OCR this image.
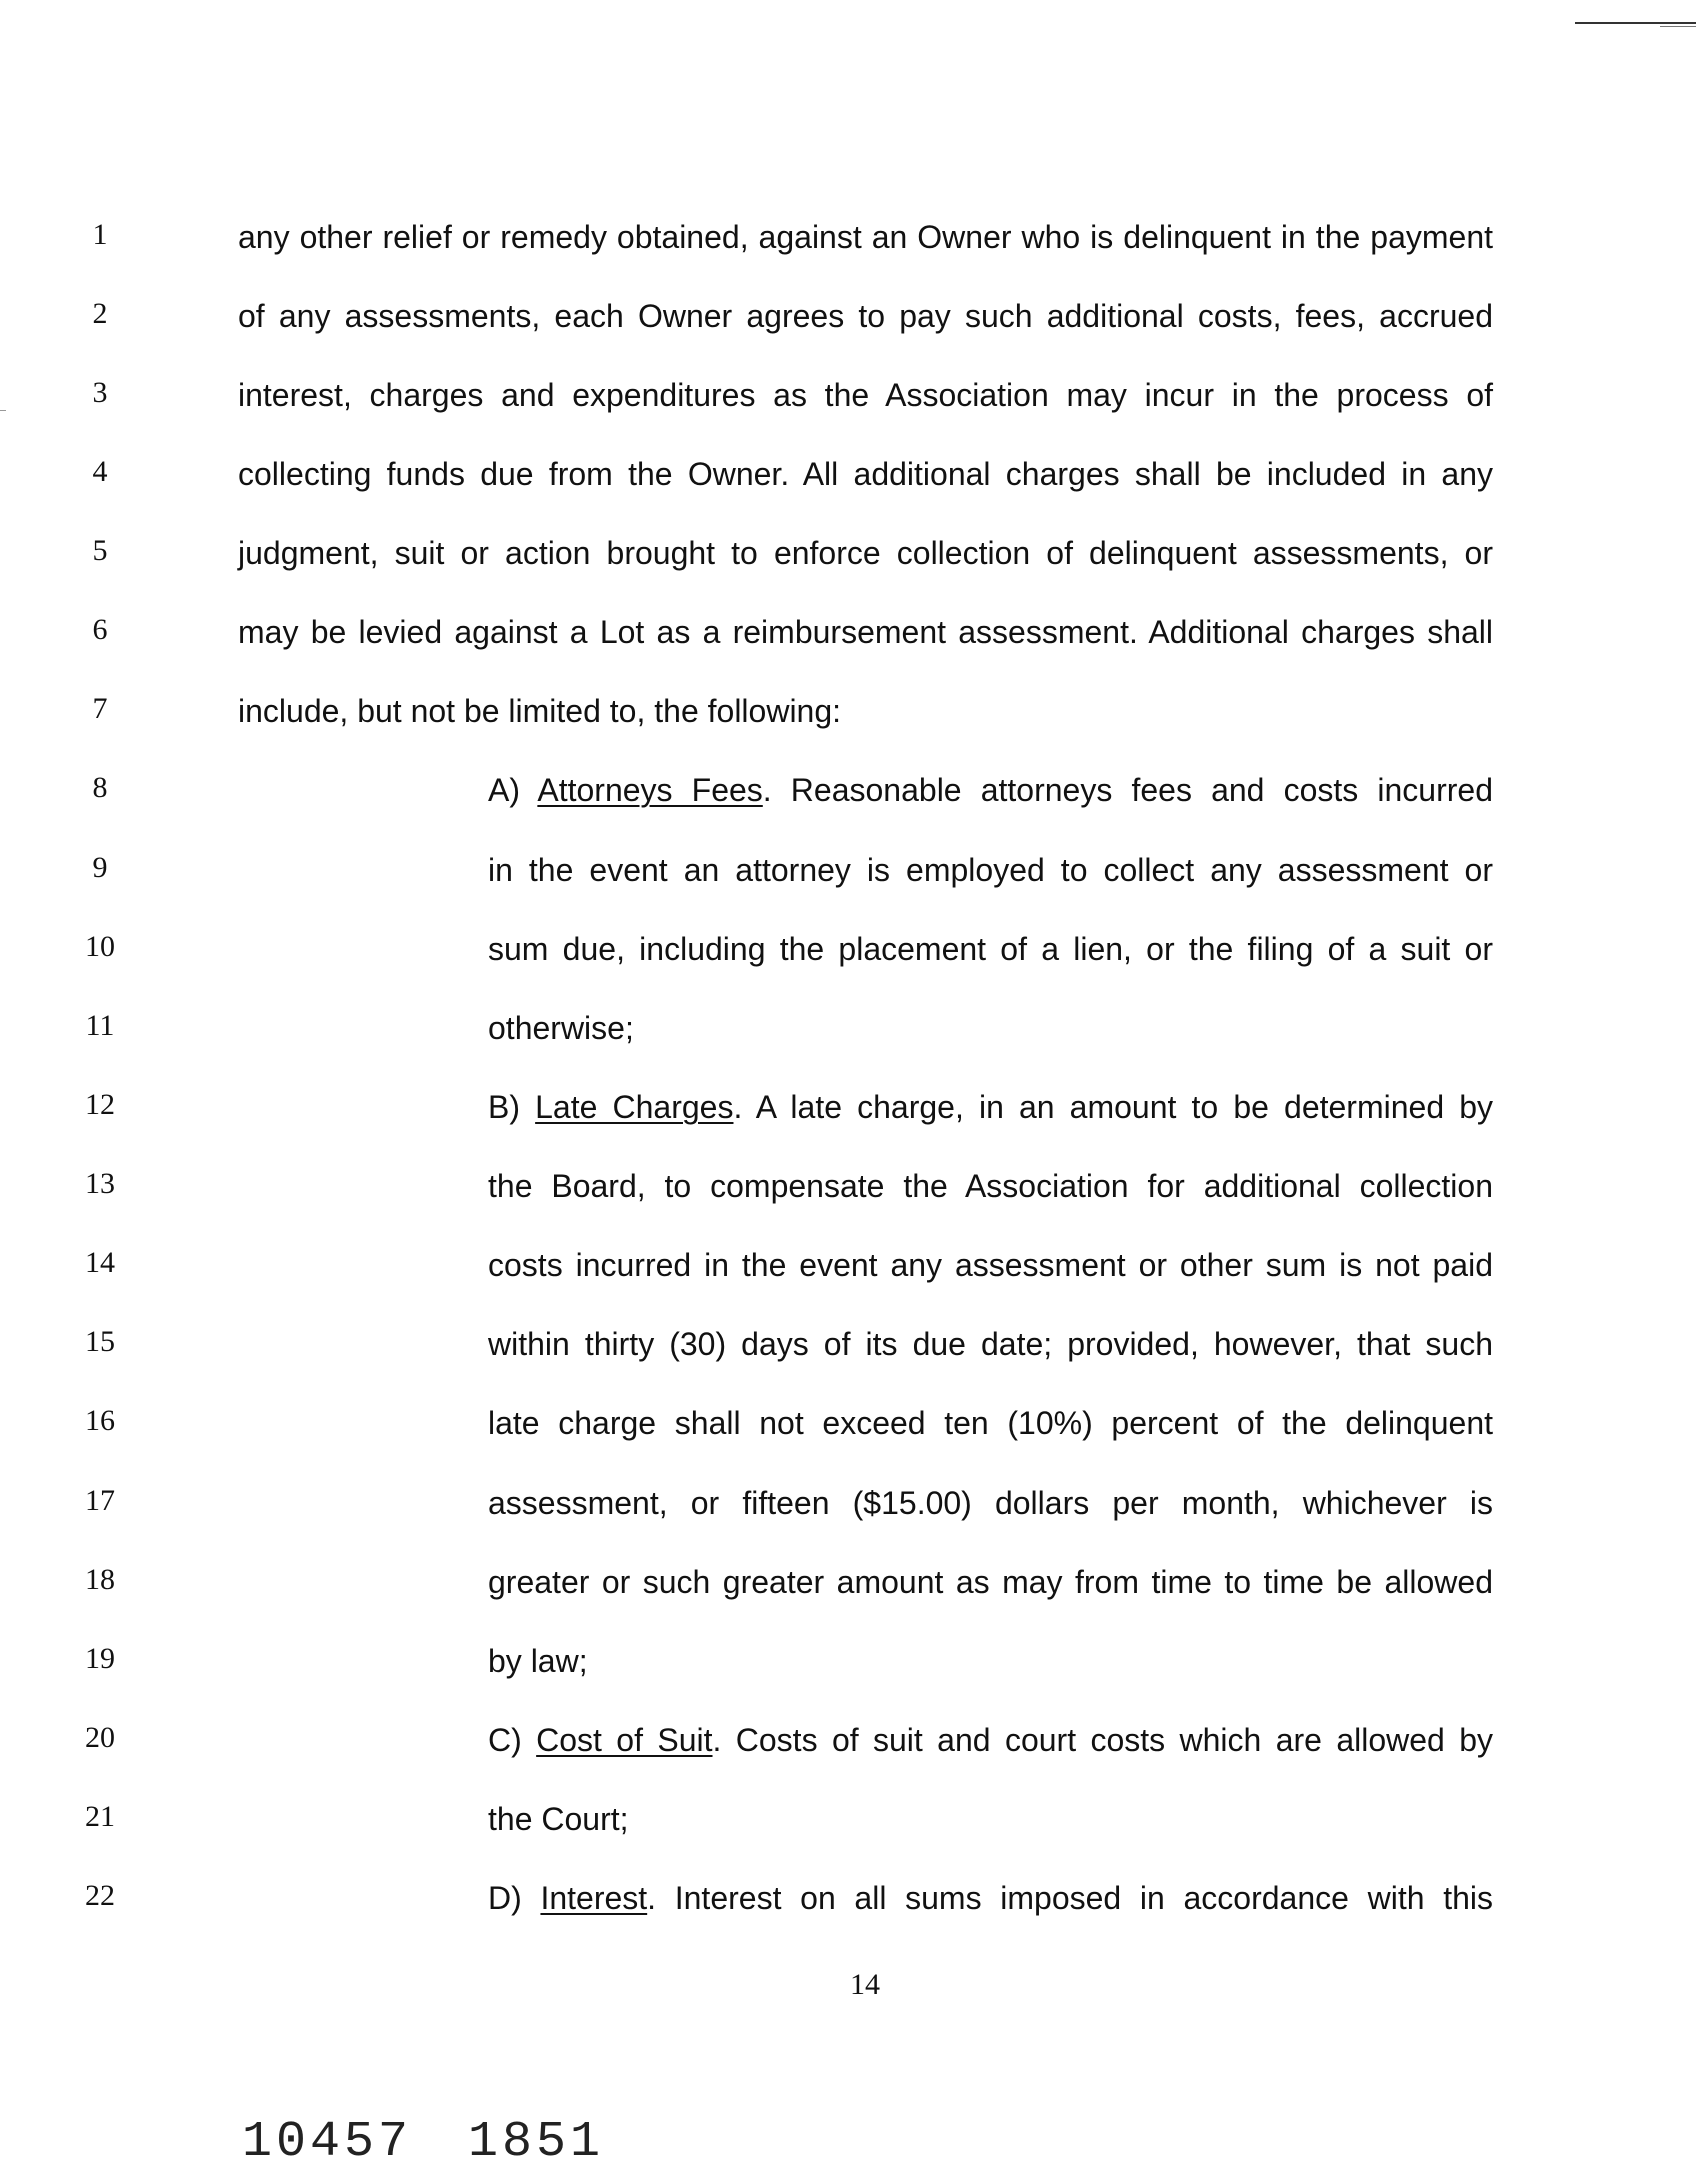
1
2
3
4
5
6
7
8
9
10
11
12
13
14
15
16
17
18
19
20
21
22
any other relief or remedy obtained, against an Owner who is delinquent in the payment
of any assessments, each Owner agrees to pay such additional costs, fees, accrued
interest, charges and expenditures as the Association may incur in the process of
collecting funds due from the Owner. All additional charges shall be included in any
judgment, suit or action brought to enforce collection of delinquent assessments, or
may be levied against a Lot as a reimbursement assessment. Additional charges shall
include, but not be limited to, the following:
A) Attorneys Fees. Reasonable attorneys fees and costs incurred
in the event an attorney is employed to collect any assessment or
sum due, including the placement of a lien, or the filing of a suit or
otherwise;
B) Late Charges. A late charge, in an amount to be determined by
the Board, to compensate the Association for additional collection
costs incurred in the event any assessment or other sum is not paid
within thirty (30) days of its due date; provided, however, that such
late charge shall not exceed ten (10%) percent of the delinquent
assessment, or fifteen ($15.00) dollars per month, whichever is
greater or such greater amount as may from time to time be allowed
by law;
C) Cost of Suit. Costs of suit and court costs which are allowed by
the Court;
D) Interest. Interest on all sums imposed in accordance with this
14
10457 1851
